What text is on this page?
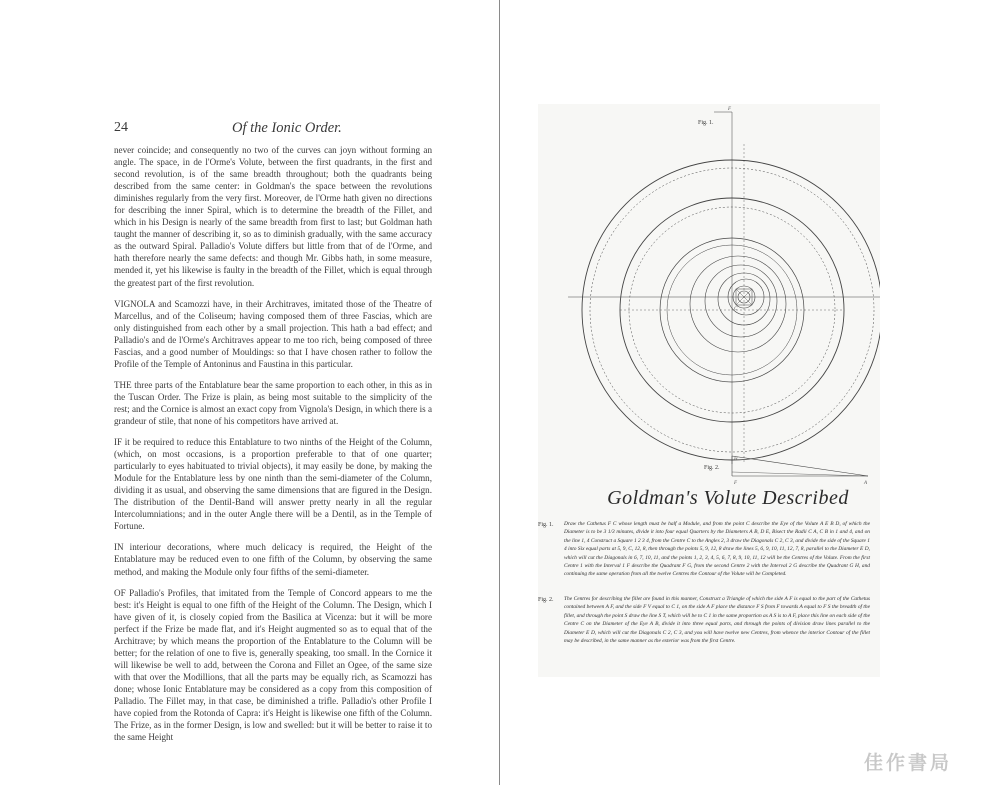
24	Of the Ionic Order.

never coincide; and consequently no two of the curves can joyn without forming an angle. The space, in de l'Orme's Volute, between the first quadrants, in the first and second revolution, is of the same breadth throughout; both the quadrants being described from the same center: in Goldman's the space between the revolutions diminishes regularly from the very first. Moreover, de l'Orme hath given no directions for describing the inner Spiral, which is to determine the breadth of the Fillet, and which in his Design is nearly of the same breadth from first to last; but Goldman hath taught the manner of describing it, so as to diminish gradually, with the same accuracy as the outward Spiral. Palladio's Volute differs but little from that of de l'Orme, and hath therefore nearly the same defects: and though Mr. Gibbs hath, in some measure, mended it, yet his likewise is faulty in the breadth of the Fillet, which is equal through the greatest part of the first revolution.

VIGNOLA and Scamozzi have, in their Architraves, imitated those of the Theatre of Marcellus, and of the Coliseum; having composed them of three Fascias, which are only distinguished from each other by a small projection. This hath a bad effect; and Palladio's and de l'Orme's Architraves appear to me too rich, being composed of three Fascias, and a good number of Mouldings: so that I have chosen rather to follow the Profile of the Temple of Antoninus and Faustina in this particular.

THE three parts of the Entablature bear the same proportion to each other, in this as in the Tuscan Order. The Frize is plain, as being most suitable to the simplicity of the rest; and the Cornice is almost an exact copy from Vignola's Design, in which there is a grandeur of stile, that none of his competitors have arrived at.

IF it be required to reduce this Entablature to two ninths of the Height of the Column, (which, on most occasions, is a proportion preferable to that of one quarter; particularly to eyes habituated to trivial objects), it may easily be done, by making the Module for the Entablature less by one ninth than the semi-diameter of the Column, dividing it as usual, and observing the same dimensions that are figured in the Design. The distribution of the Dentil-Band will answer pretty nearly in all the regular Intercolumniations; and in the outer Angle there will be a Dentil, as in the Temple of Fortune.

IN interiour decorations, where much delicacy is required, the Height of the Entablature may be reduced even to one fifth of the Column, by observing the same method, and making the Module only four fifths of the semi-diameter.

OF Palladio's Profiles, that imitated from the Temple of Concord appears to me the best: it's Height is equal to one fifth of the Height of the Column. The Design, which I have given of it, is closely copied from the Basilica at Vicenza: but it will be more perfect if the Frize be made flat, and it's Height augmented so as to equal that of the Architrave; by which means the proportion of the Entablature to the Column will be better; for the relation of one to five is, generally speaking, too small. In the Cornice it will likewise be well to add, between the Corona and Fillet an Ogee, of the same size with that over the Modillions, that all the parts may be equally rich, as Scamozzi has done; whose Ionic Entablature may be considered as a copy from this composition of Palladio. The Fillet may, in that case, be diminished a trifle. Palladio's other Profile I have copied from the Rotonda of Capra: it's Height is likewise one fifth of the Column. The Frize, as in the former Design, is low and swelled: but it will be better to raise it to the same Height

F
C
H
F	A
Fig. 1.
Fig. 2.
Goldman's Volute Described
Fig. 1. Draw the Cathetus F C whose length must be half a Module, and from the point C describe the Eye of the Volute A E B D, of which the Diameter is to be 3 1/3 minutes, divide it into four equal Quarters by the Diameters A B, D E, Bisect the Radii C A, C B in 1 and 4, and on the line 1, 4 Construct a Square 1 2 3 4, from the Centre C to the Angles 2, 3 draw the Diagonals C 2, C 3, and divide the side of the Square 1 4 into Six equal parts at 5, 9, C, 12, 8, then through the points 5, 9, 12, 8 draw the lines 5, 6, 9, 10, 11, 12, 7, 8, parallel to the Diameter E D, which will cut the Diagonals in 6, 7, 10, 11, and the points 1, 2, 3, 4, 5, 6, 7, 8, 9, 10, 11, 12 will be the Centres of the Volute. From the first Centre 1 with the Interval 1 F describe the Quadrant F G, from the second Centre 2 with the Interval 2 G describe the Quadrant G H, and continuing the same operation from all the twelve Centres the Contour of the Volute will be Completed.
Fig. 2. The Centres for describing the fillet are found in this manner, Construct a Triangle of which the side A F is equal to the part of the Cathetus contained between A F, and the side F V equal to C 1, on the side A F place the distance F S from F towards A equal to F S the breadth of the fillet, and through the point S draw the line S T, which will be to C 1 in the same proportion as A S is to A F, place this line on each side of the Centre C on the Diameter of the Eye A B, divide it into three equal parts, and through the points of division draw lines parallel to the Diameter E D, which will cut the Diagonals C 2, C 3, and you will have twelve new Centres, from whence the interior Contour of the fillet may be described, in the same manner as the exterior was from the first Centre.
佳作書局
